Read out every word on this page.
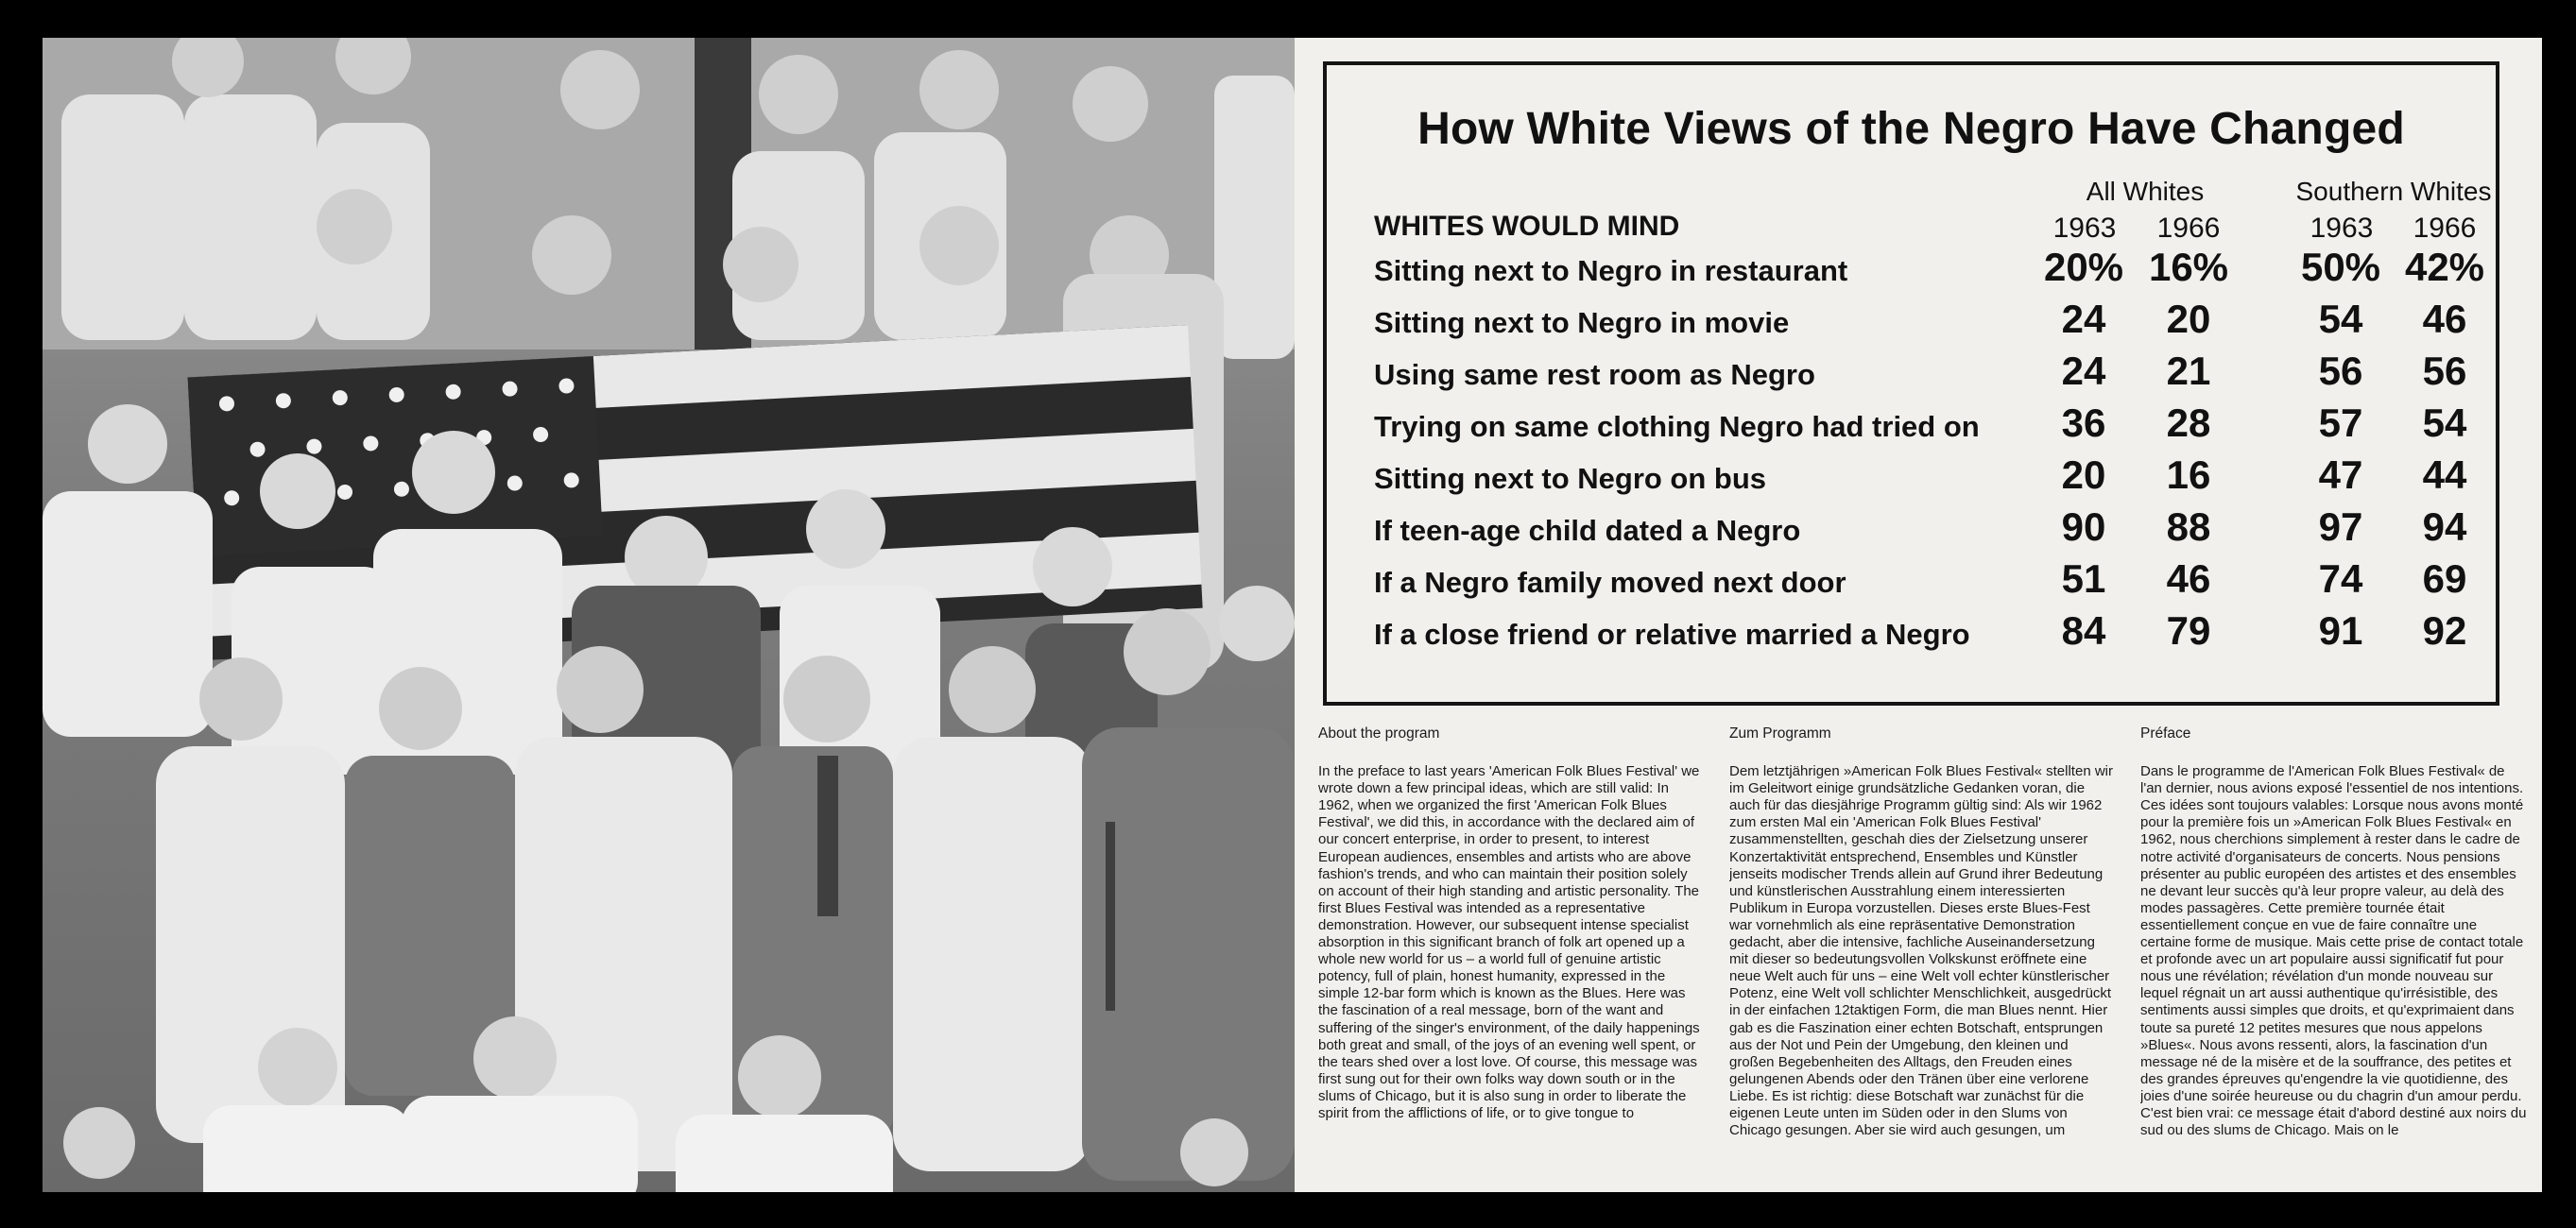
How White Views of the Negro Have Changed
All Whites	Southern Whites
WHITES WOULD MIND	1963	1966	1963	1966
Sitting next to Negro in restaurant	20% 16%	50% 42%
Sitting next to Negro in movie	24	20	54	46
Using same rest room as Negro	24	21	56	56
Trying on same clothing Negro had tried on	36	28	57	54
Sitting next to Negro on bus	20	16	47	44
If teen-age child dated a Negro	90	88	97	94
If a Negro family moved next door	51	46	74	69
If a close friend or relative married a Negro	84	79	91	92
About the program

In the preface to last years 'American Folk Blues Festival' we wrote down a few principal ideas, which are still valid: In 1962, when we organized the first 'American Folk Blues Festival', we did this, in accordance with the declared aim of our concert enterprise, in order to present, to interest European audiences, ensembles and artists who are above fashion's trends, and who can maintain their position solely on account of their high standing and artistic personality. The first Blues Festival was intended as a representative demonstration. However, our subsequent intense specialist absorption in this significant branch of folk art opened up a whole new world for us – a world full of genuine artistic potency, full of plain, honest humanity, expressed in the simple 12-bar form which is known as the Blues. Here was the fascination of a real message, born of the want and suffering of the singer's environment, of the daily happenings both great and small, of the joys of an evening well spent, or the tears shed over a lost love. Of course, this message was first sung out for their own folks way down south or in the slums of Chicago, but it is also sung in order to liberate the spirit from the afflictions of life, or to give tongue to

Zum Programm

Dem letztjährigen »American Folk Blues Festival« stellten wir im Geleitwort einige grundsätzliche Gedanken voran, die auch für das diesjährige Programm gültig sind: Als wir 1962 zum ersten Mal ein 'American Folk Blues Festival' zusammenstellten, geschah dies der Zielsetzung unserer Konzertaktivität entsprechend, Ensembles und Künstler jenseits modischer Trends allein auf Grund ihrer Bedeutung und künstlerischen Ausstrahlung einem interessierten Publikum in Europa vorzustellen. Dieses erste Blues-Fest war vornehmlich als eine repräsentative Demonstration gedacht, aber die intensive, fachliche Auseinandersetzung mit dieser so bedeutungsvollen Volkskunst eröffnete eine neue Welt auch für uns – eine Welt voll echter künstlerischer Potenz, eine Welt voll schlichter Menschlichkeit, ausgedrückt in der einfachen 12taktigen Form, die man Blues nennt. Hier gab es die Faszination einer echten Botschaft, entsprungen aus der Not und Pein der Umgebung, den kleinen und großen Begebenheiten des Alltags, den Freuden eines gelungenen Abends oder den Tränen über eine verlorene Liebe. Es ist richtig: diese Botschaft war zunächst für die eigenen Leute unten im Süden oder in den Slums von Chicago gesungen. Aber sie wird auch gesungen, um

Préface

Dans le programme de l'American Folk Blues Festival« de l'an dernier, nous avions exposé l'essentiel de nos intentions. Ces idées sont toujours valables: Lorsque nous avons monté pour la première fois un »American Folk Blues Festival« en 1962, nous cherchions simplement à rester dans le cadre de notre activité d'organisateurs de concerts. Nous pensions présenter au public européen des artistes et des ensembles ne devant leur succès qu'à leur propre valeur, au delà des modes passagères. Cette première tournée était essentiellement conçue en vue de faire connaître une certaine forme de musique. Mais cette prise de contact totale et profonde avec un art populaire aussi significatif fut pour nous une révélation; révélation d'un monde nouveau sur lequel régnait un art aussi authentique qu'irrésistible, des sentiments aussi simples que droits, et qu'exprimaient dans toute sa pureté 12 petites mesures que nous appelons »Blues«. Nous avons ressenti, alors, la fascination d'un message né de la misère et de la souffrance, des petites et des grandes épreuves qu'engendre la vie quotidienne, des joies d'une soirée heureuse ou du chagrin d'un amour perdu. C'est bien vrai: ce message était d'abord destiné aux noirs du sud ou des slums de Chicago. Mais on le
